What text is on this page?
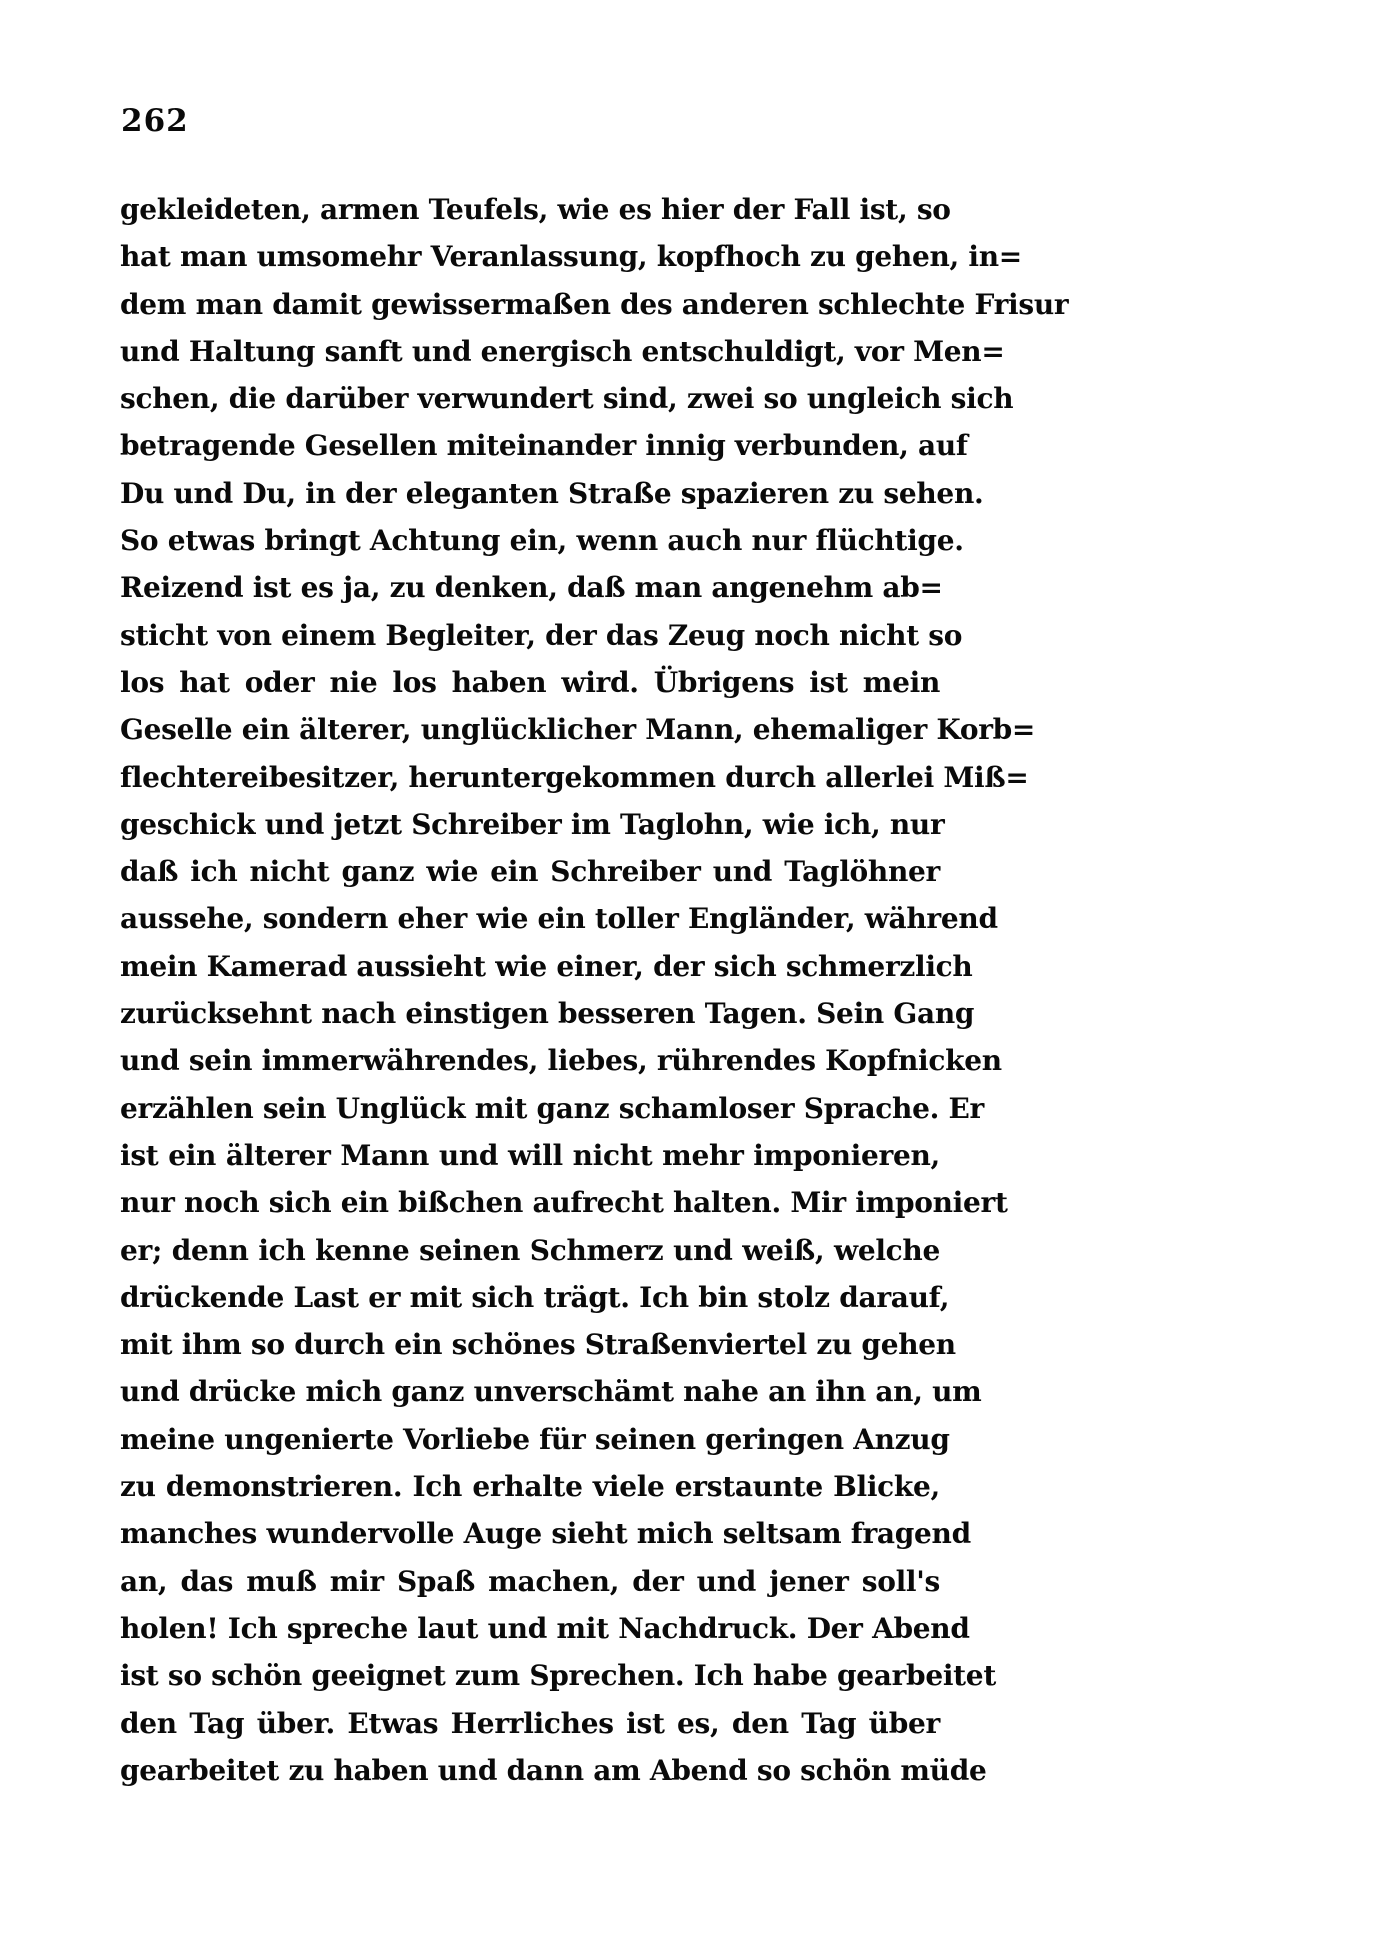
262
gekleideten, armen Teufels, wie es hier der Fall ist, so
hat man umsomehr Veranlassung, kopfhoch zu gehen, in=
dem man damit gewissermaßen des anderen schlechte Frisur
und Haltung sanft und energisch entschuldigt, vor Men=
schen, die darüber verwundert sind, zwei so ungleich sich
betragende Gesellen miteinander innig verbunden, auf
Du und Du, in der eleganten Straße spazieren zu sehen.
So etwas bringt Achtung ein, wenn auch nur flüchtige.
Reizend ist es ja, zu denken, daß man angenehm ab=
sticht von einem Begleiter, der das Zeug noch nicht so
los hat oder nie los haben wird. Übrigens ist mein
Geselle ein älterer, unglücklicher Mann, ehemaliger Korb=
flechtereibesitzer, heruntergekommen durch allerlei Miß=
geschick und jetzt Schreiber im Taglohn, wie ich, nur
daß ich nicht ganz wie ein Schreiber und Taglöhner
aussehe, sondern eher wie ein toller Engländer, während
mein Kamerad aussieht wie einer, der sich schmerzlich
zurücksehnt nach einstigen besseren Tagen. Sein Gang
und sein immerwährendes, liebes, rührendes Kopfnicken
erzählen sein Unglück mit ganz schamloser Sprache. Er
ist ein älterer Mann und will nicht mehr imponieren,
nur noch sich ein bißchen aufrecht halten. Mir imponiert
er; denn ich kenne seinen Schmerz und weiß, welche
drückende Last er mit sich trägt. Ich bin stolz darauf,
mit ihm so durch ein schönes Straßenviertel zu gehen
und drücke mich ganz unverschämt nahe an ihn an, um
meine ungenierte Vorliebe für seinen geringen Anzug
zu demonstrieren. Ich erhalte viele erstaunte Blicke,
manches wundervolle Auge sieht mich seltsam fragend
an, das muß mir Spaß machen, der und jener soll's
holen! Ich spreche laut und mit Nachdruck. Der Abend
ist so schön geeignet zum Sprechen. Ich habe gearbeitet
den Tag über. Etwas Herrliches ist es, den Tag über
gearbeitet zu haben und dann am Abend so schön müde
